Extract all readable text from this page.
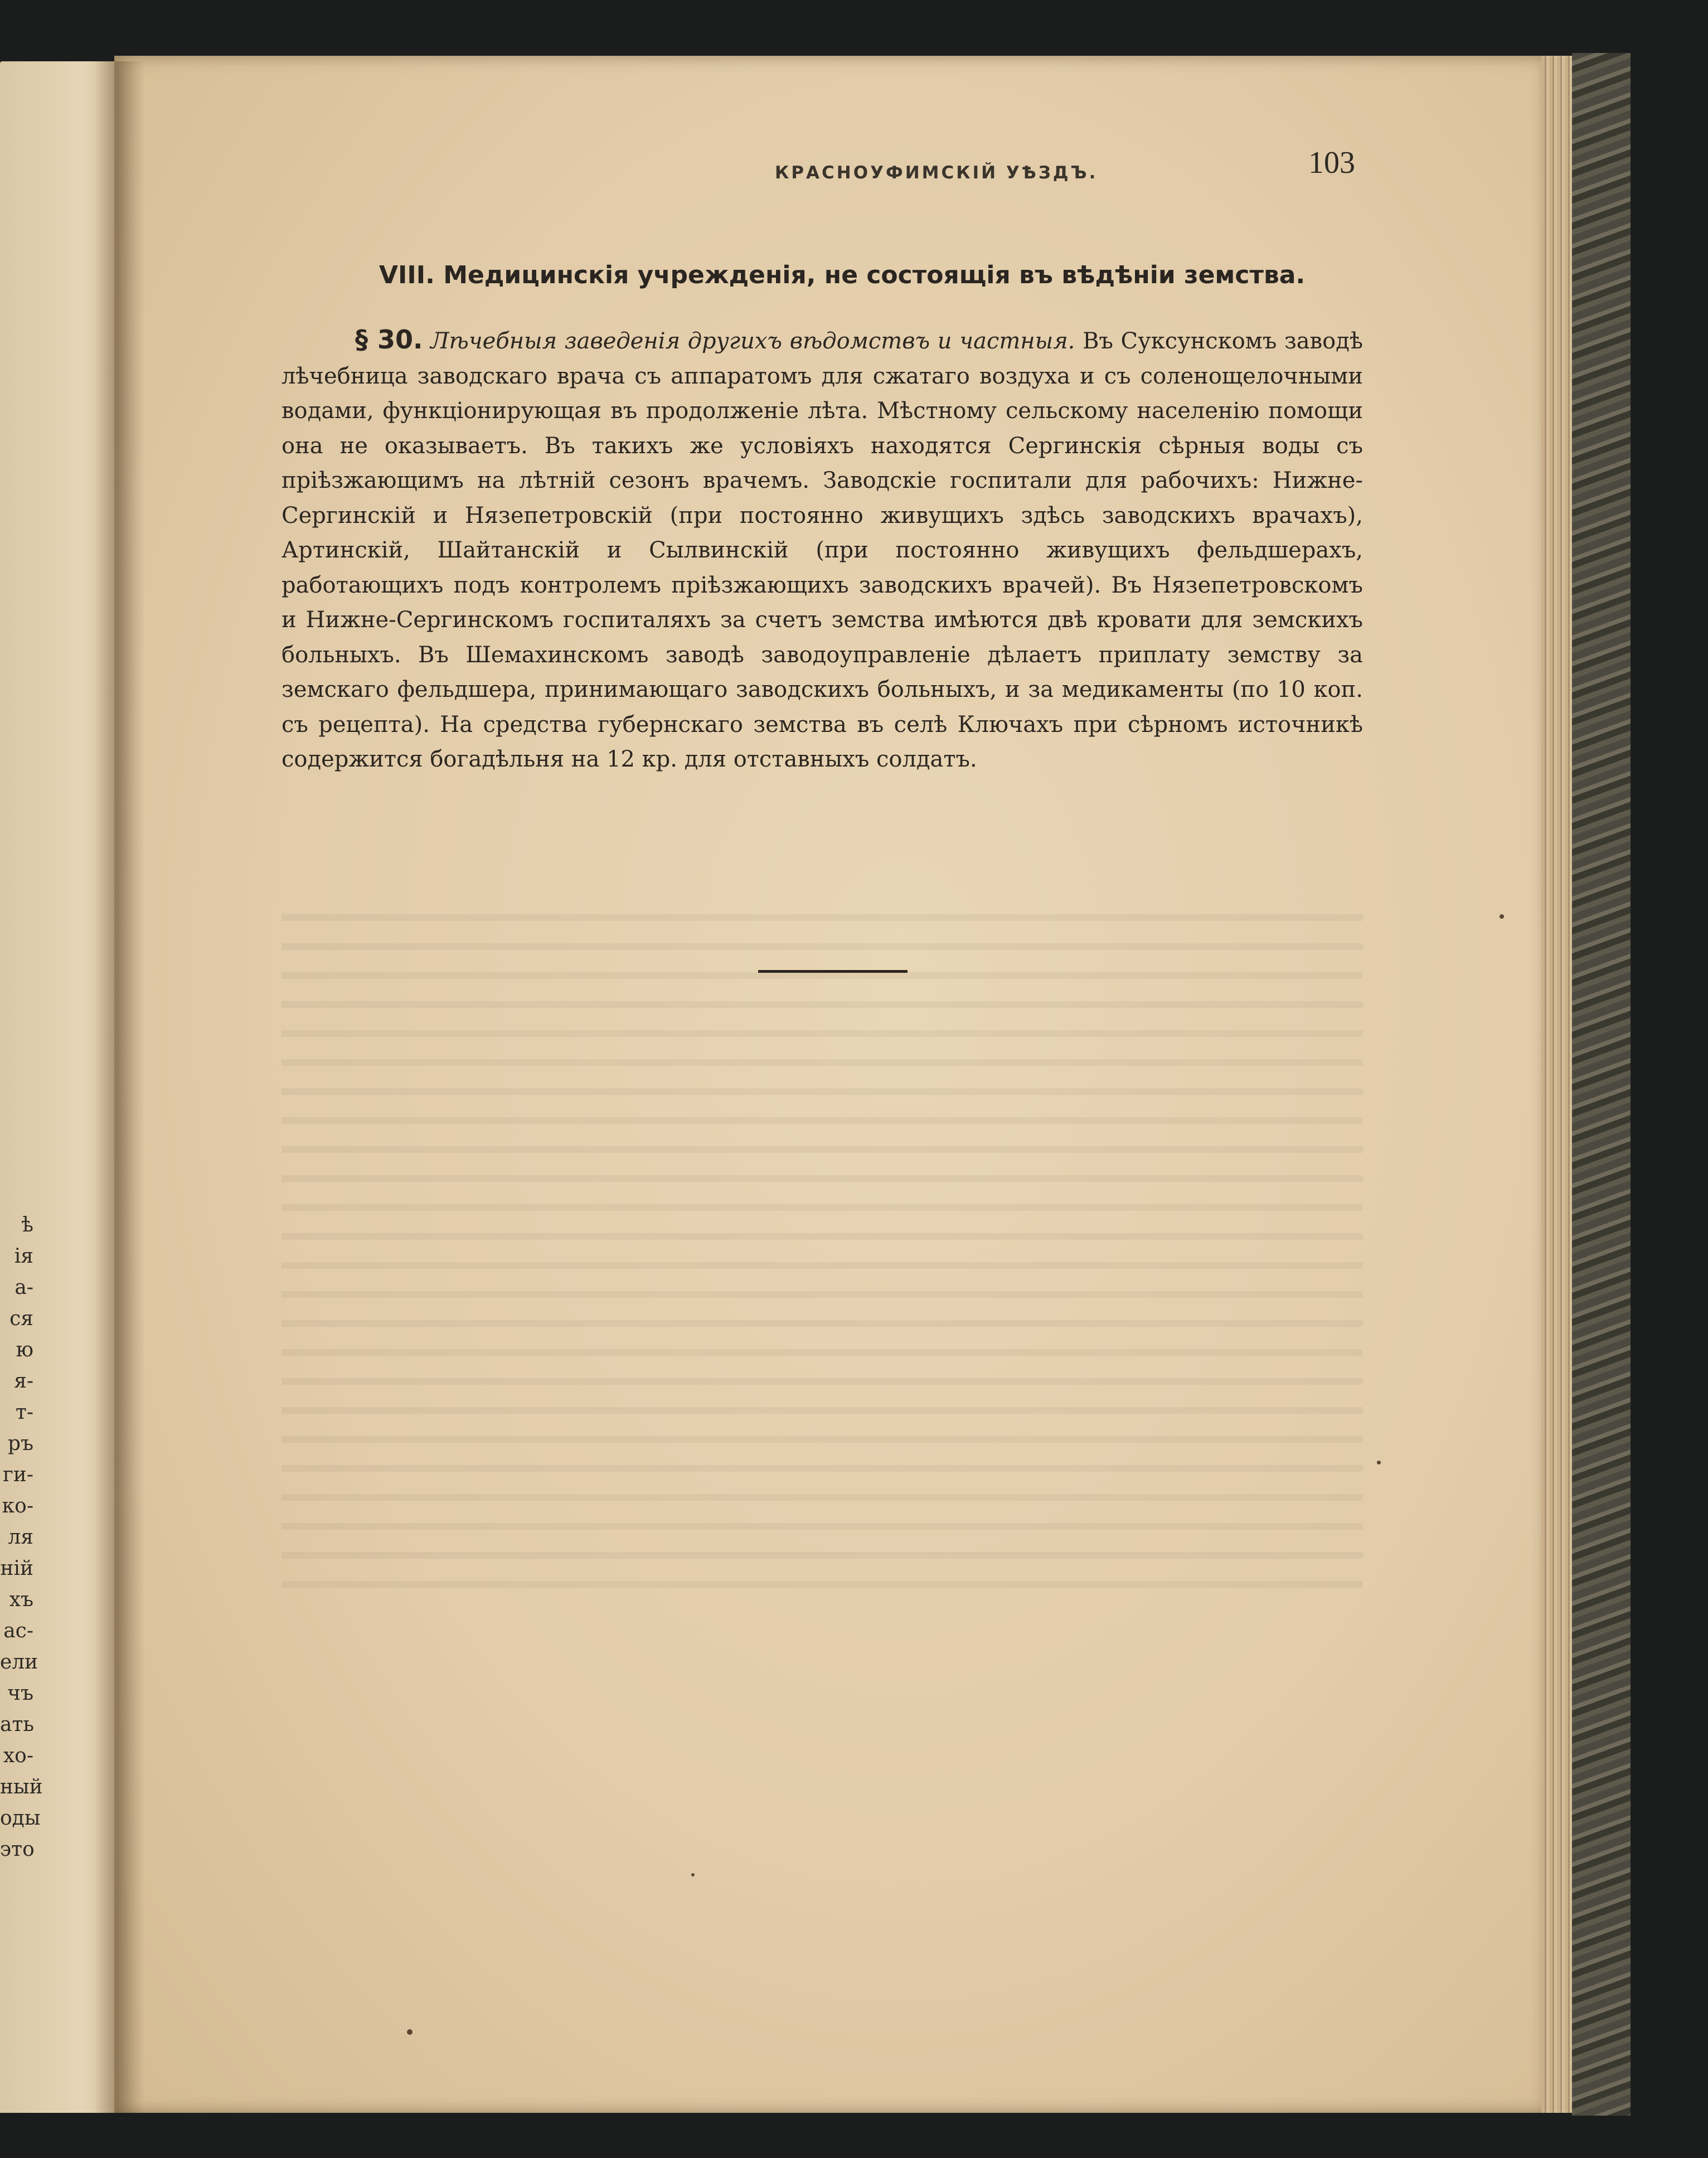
ѣ
ія
а-
ся
ю
я-
т-
ръ
ги-
ко-
ля
ній
хъ
ас-
ели
чъ
ать
хо-
ный
оды
это
КРАСНОУФИМСКІЙ УѢЗДЪ.	103
VIII. Медицинскія учрежденія, не состоящія въ вѣдѣніи земства.

§ 30. Лѣчебныя заведенія другихъ вѣдомствъ и частныя. Въ Суксунскомъ заводѣ лѣчебница заводскаго врача съ аппаратомъ для сжатаго воздуха и съ соленощелочными водами, функціонирующая въ продолженіе лѣта. Мѣстному сельскому населенію помощи она не оказываетъ. Въ такихъ же условіяхъ находятся Сергинскія сѣрныя воды съ пріѣзжающимъ на лѣтній сезонъ врачемъ. Заводскіе госпитали для рабочихъ: Нижне-Сергинскій и Нязепетровскій (при постоянно живущихъ здѣсь заводскихъ врачахъ), Артинскій, Шайтанскій и Сылвинскій (при постоянно живущихъ фельдшерахъ, работающихъ подъ контролемъ пріѣзжающихъ заводскихъ врачей). Въ Нязепетровскомъ и Нижне-Сергинскомъ госпиталяхъ за счетъ земства имѣются двѣ кровати для земскихъ больныхъ. Въ Шемахинскомъ заводѣ заводоуправленіе дѣлаетъ приплату земству за земскаго фельдшера, принимающаго заводскихъ больныхъ, и за медикаменты (по 10 коп. съ рецепта). На средства губернскаго земства въ селѣ Ключахъ при сѣрномъ источникѣ содержится богадѣльня на 12 кр. для отставныхъ солдатъ.
